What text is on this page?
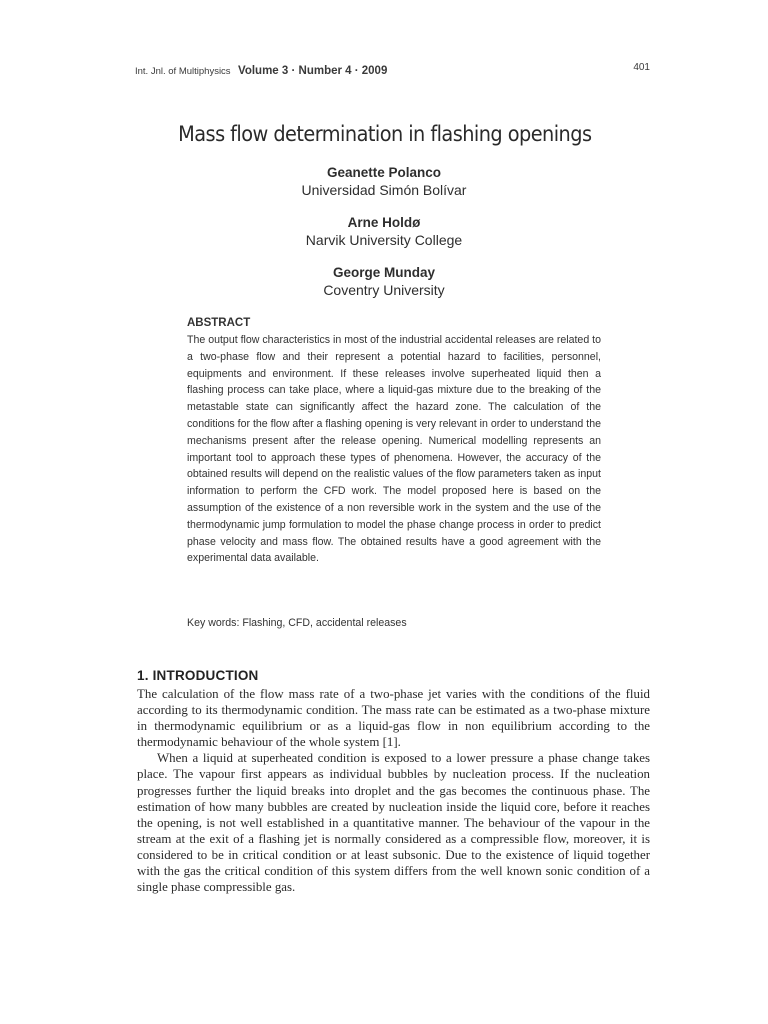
Int. Jnl. of Multiphysics Volume 3 · Number 4 · 2009	401
Mass flow determination in flashing openings
Geanette Polanco
Universidad Simón Bolívar
Arne Holdø
Narvik University College
George Munday
Coventry University
ABSTRACT

The output flow characteristics in most of the industrial accidental releases are related to a two-phase flow and their represent a potential hazard to facilities, personnel, equipments and environment. If these releases involve superheated liquid then a flashing process can take place, where a liquid-gas mixture due to the breaking of the metastable state can significantly affect the hazard zone. The calculation of the conditions for the flow after a flashing opening is very relevant in order to understand the mechanisms present after the release opening. Numerical modelling represents an important tool to approach these types of phenomena. However, the accuracy of the obtained results will depend on the realistic values of the flow parameters taken as input information to perform the CFD work. The model proposed here is based on the assumption of the existence of a non reversible work in the system and the use of the thermodynamic jump formulation to model the phase change process in order to predict phase velocity and mass flow. The obtained results have a good agreement with the experimental data available.

Key words: Flashing, CFD, accidental releases
1. INTRODUCTION

The calculation of the flow mass rate of a two-phase jet varies with the conditions of the fluid according to its thermodynamic condition. The mass rate can be estimated as a two-phase mixture in thermodynamic equilibrium or as a liquid-gas flow in non equilibrium according to the thermodynamic behaviour of the whole system [1].

When a liquid at superheated condition is exposed to a lower pressure a phase change takes place. The vapour first appears as individual bubbles by nucleation process. If the nucleation progresses further the liquid breaks into droplet and the gas becomes the continuous phase. The estimation of how many bubbles are created by nucleation inside the liquid core, before it reaches the opening, is not well established in a quantitative manner. The behaviour of the vapour in the stream at the exit of a flashing jet is normally considered as a compressible flow, moreover, it is considered to be in critical condition or at least subsonic. Due to the existence of liquid together with the gas the critical condition of this system differs from the well known sonic condition of a single phase compressible gas.
